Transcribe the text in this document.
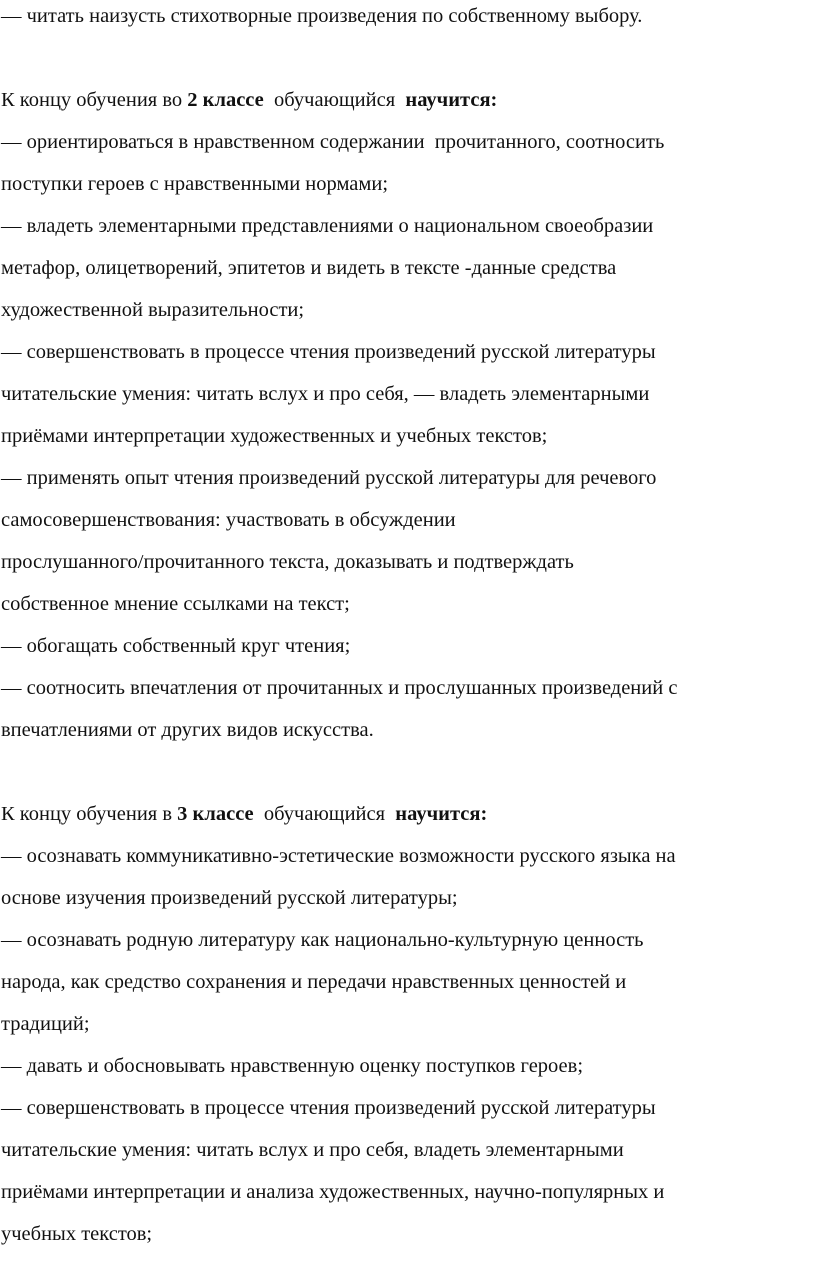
— читать наизусть стихотворные произведения по собственному выбору.
К концу обучения во 2 классе  обучающийся  научится:
— ориентироваться в нравственном содержании  прочитанного, соотносить
поступки героев с нравственными нормами;
— владеть элементарными представлениями о национальном своеобразии
метафор, олицетворений, эпитетов и видеть в тексте -данные средства
художественной выразительности;
— совершенствовать в процессе чтения произведений русской литературы
читательские умения: читать вслух и про себя, — владеть элементарными
приёмами интерпретации художественных и учебных текстов;
— применять опыт чтения произведений русской литературы для речевого
самосовершенствования: участвовать в обсуждении
прослушанного/прочитанного текста, доказывать и подтверждать
собственное мнение ссылками на текст;
— обогащать собственный круг чтения;
— соотносить впечатления от прочитанных и прослушанных произведений с
впечатлениями от других видов искусства.
К концу обучения в 3 классе  обучающийся  научится:
— осознавать коммуникативно-эстетические возможности русского языка на
основе изучения произведений русской литературы;
— осознавать родную литературу как национально-культурную ценность
народа, как средство сохранения и передачи нравственных ценностей и
традиций;
— давать и обосновывать нравственную оценку поступков героев;
— совершенствовать в процессе чтения произведений русской литературы
читательские умения: читать вслух и про себя, владеть элементарными
приёмами интерпретации и анализа художественных, научно-популярных и
учебных текстов;
